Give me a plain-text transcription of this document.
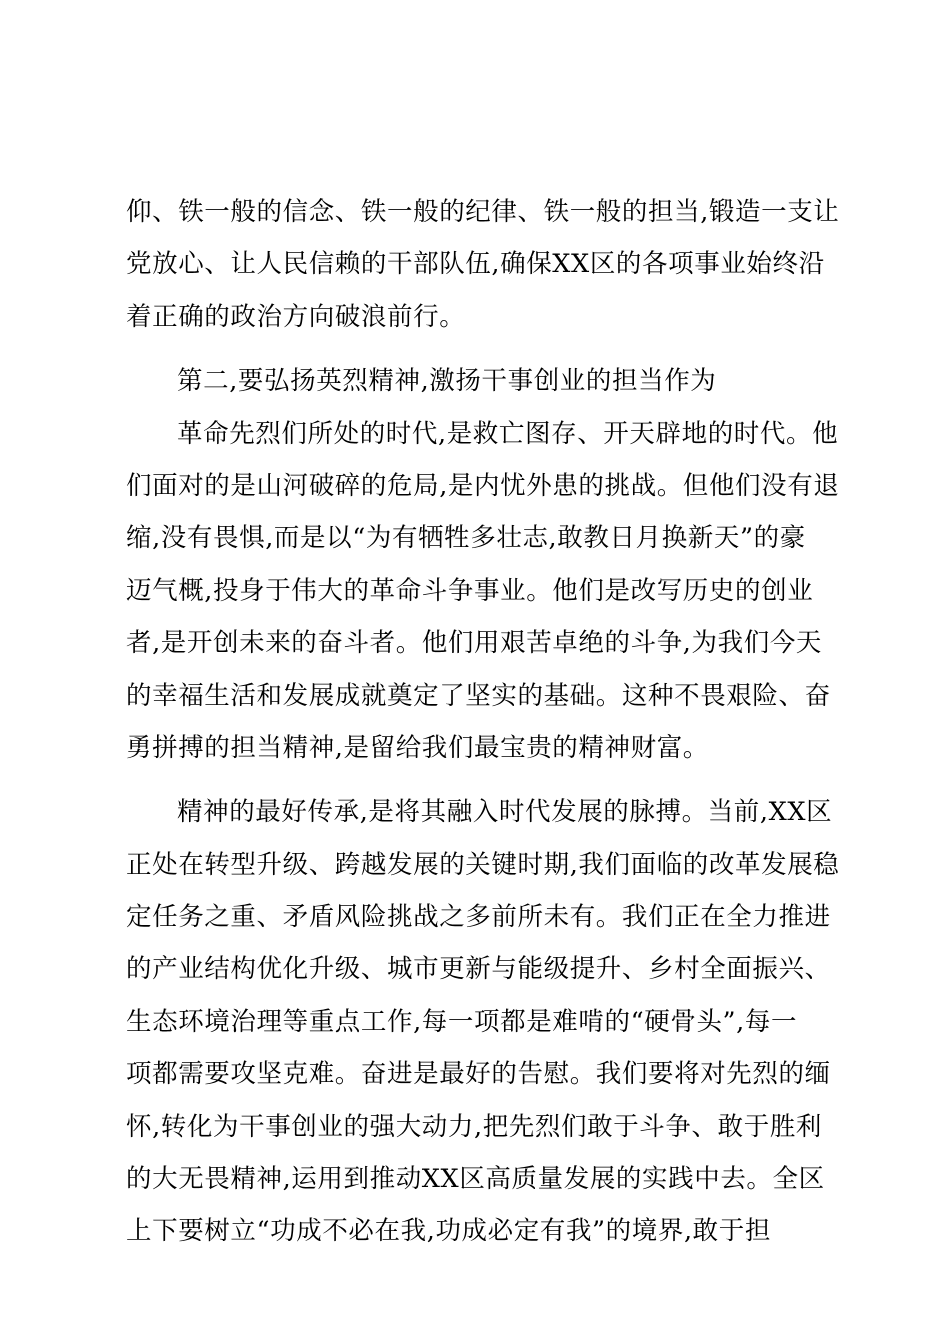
仰、铁一般的信念、铁一般的纪律、铁一般的担当,锻造一支让
党放心、让人民信赖的干部队伍,确保XX区的各项事业始终沿
着正确的政治方向破浪前行。
第二,要弘扬英烈精神,激扬干事创业的担当作为
革命先烈们所处的时代,是救亡图存、开天辟地的时代。他
们面对的是山河破碎的危局,是内忧外患的挑战。但他们没有退
缩,没有畏惧,而是以“为有牺牲多壮志,敢教日月换新天”的豪
迈气概,投身于伟大的革命斗争事业。他们是改写历史的创业
者,是开创未来的奋斗者。他们用艰苦卓绝的斗争,为我们今天
的幸福生活和发展成就奠定了坚实的基础。这种不畏艰险、奋
勇拼搏的担当精神,是留给我们最宝贵的精神财富。
精神的最好传承,是将其融入时代发展的脉搏。当前,XX区
正处在转型升级、跨越发展的关键时期,我们面临的改革发展稳
定任务之重、矛盾风险挑战之多前所未有。我们正在全力推进
的产业结构优化升级、城市更新与能级提升、乡村全面振兴、
生态环境治理等重点工作,每一项都是难啃的“硬骨头”,每一
项都需要攻坚克难。奋进是最好的告慰。我们要将对先烈的缅
怀,转化为干事创业的强大动力,把先烈们敢于斗争、敢于胜利
的大无畏精神,运用到推动XX区高质量发展的实践中去。全区
上下要树立“功成不必在我,功成必定有我”的境界,敢于担
